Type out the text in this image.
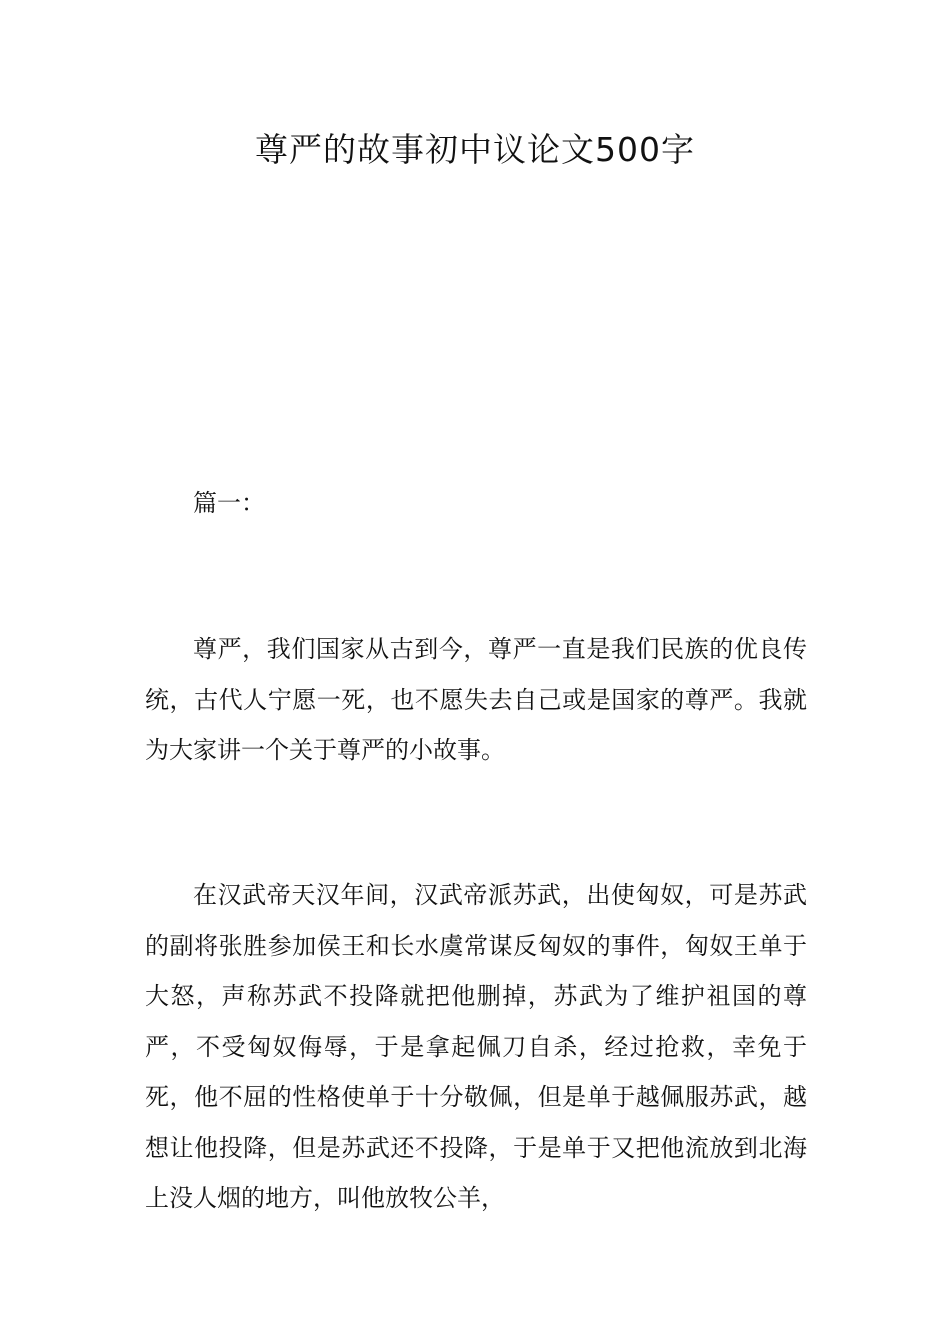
尊严的故事初中议论文500字

篇一：

尊严，我们国家从古到今，尊严一直是我们民族的优良传统，古代人宁愿一死，也不愿失去自己或是国家的尊严。我就为大家讲一个关于尊严的小故事。

在汉武帝天汉年间，汉武帝派苏武，出使匈奴，可是苏武的副将张胜参加侯王和长水虞常谋反匈奴的事件，匈奴王单于大怒，声称苏武不投降就把他删掉，苏武为了维护祖国的尊严，不受匈奴侮辱，于是拿起佩刀自杀，经过抢救，幸免于死，他不屈的性格使单于十分敬佩，但是单于越佩服苏武，越想让他投降，但是苏武还不投降，于是单于又把他流放到北海上没人烟的地方，叫他放牧公羊，
